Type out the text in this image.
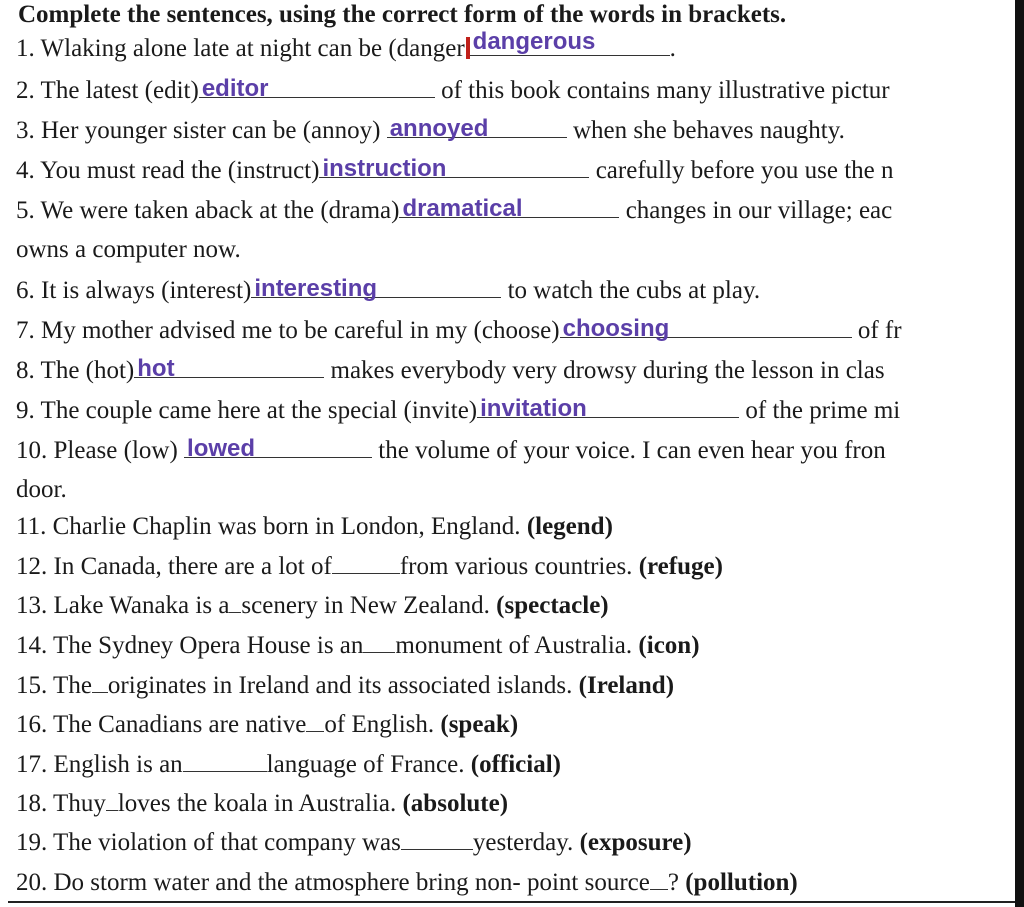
Complete the sentences, using the correct form of the words in brackets.
1. Wlaking alone late at night can be (danger dangerous	.
2. The latest (edit) editor	of this book contains many illustrative pictur
3. Her younger sister can be (annoy) annoyed	when she behaves naughty.
4. You must read the (instruct) instruction	carefully before you use the n
5. We were taken aback at the (drama) dramatical	changes in our village; eac
owns a computer now.
6. It is always (interest) interesting	to watch the cubs at play.
7. My mother advised me to be careful in my (choose) choosing	of fr
8. The (hot) hot	makes everybody very drowsy during the lesson in clas
9. The couple came here at the special (invite) invitation	of the prime mi
10. Please (low) lowed	the volume of your voice. I can even hear you fron
door.
11. Charlie Chaplin was born in London, England. (legend)
12. In Canada, there are a lot of	from various countries. (refuge)
13. Lake Wanaka is a scenery in New Zealand. (spectacle)
14. The Sydney Opera House is an monument of Australia. (icon)
15. The originates in Ireland and its associated islands. (Ireland)
16. The Canadians are native of English. (speak)
17. English is an	language of France. (official)
18. Thuy loves the koala in Australia. (absolute)
19. The violation of that company was	yesterday. (exposure)
20. Do storm water and the atmosphere bring non- point source ? (pollution)
